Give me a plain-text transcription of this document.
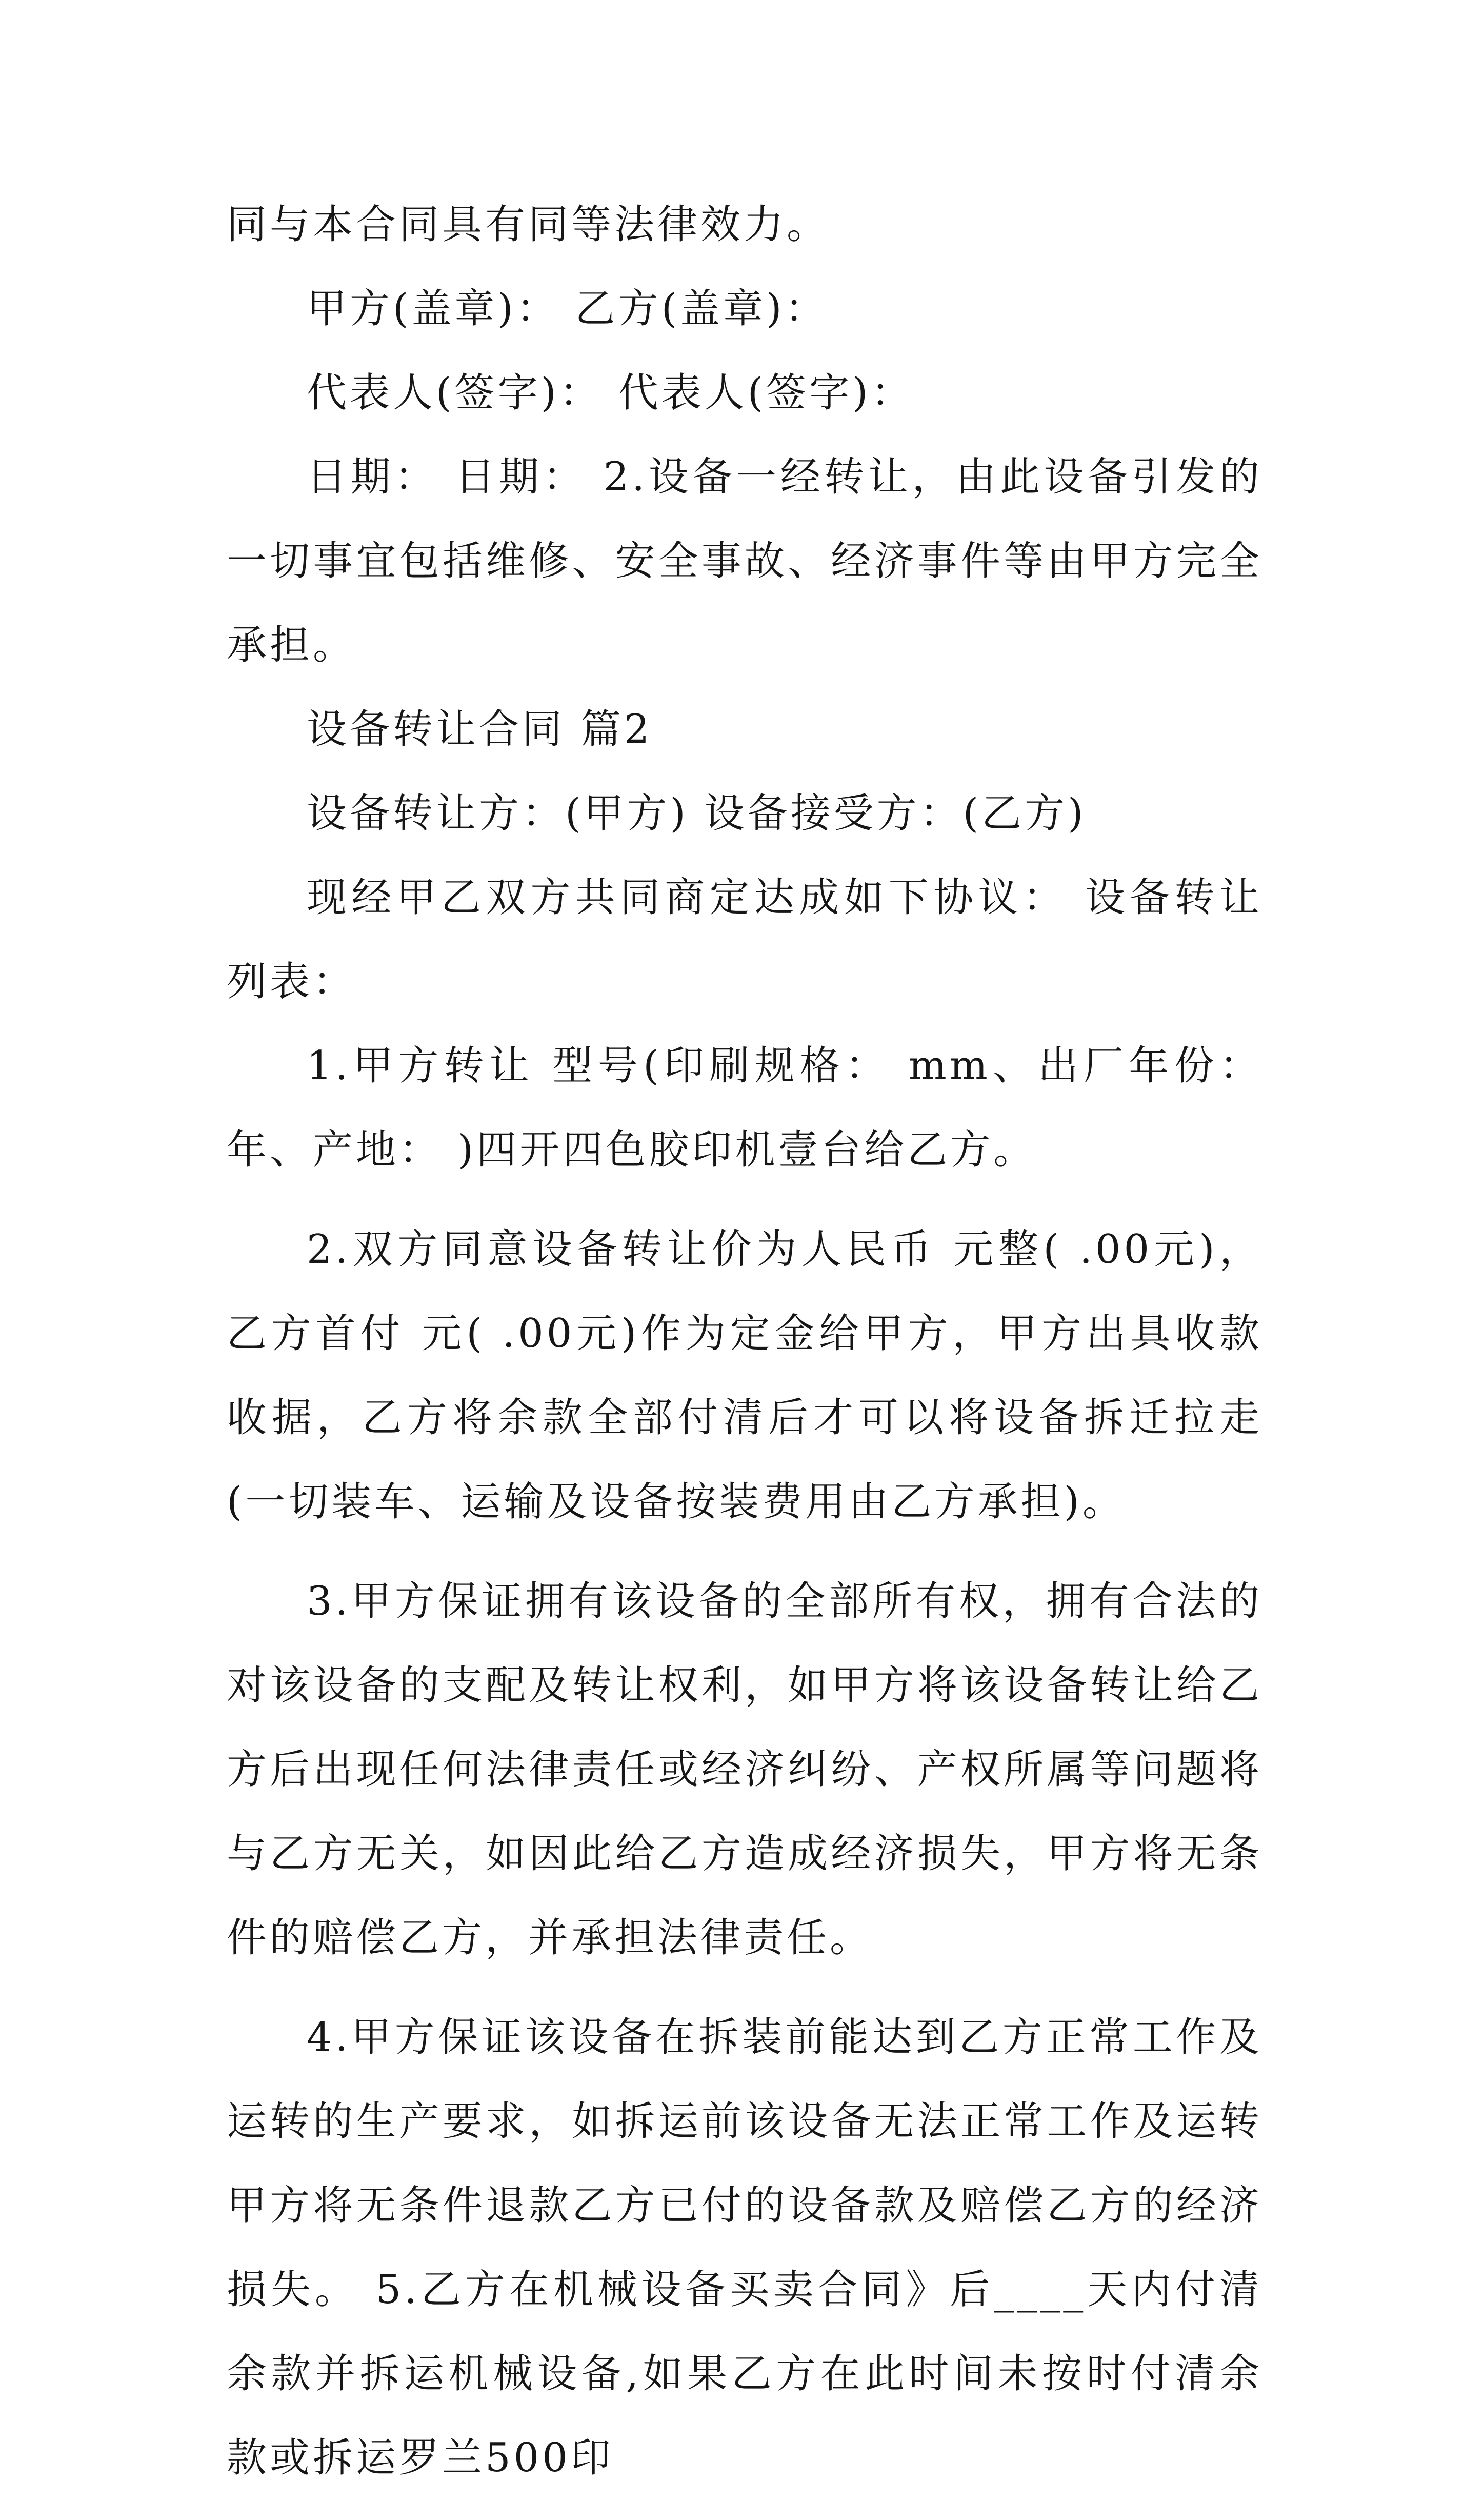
同与本合同具有同等法律效力。

甲方(盖章)： 乙方(盖章)：

代表人(签字)： 代表人(签字)：

日期： 日期： 2.设备一经转让，由此设备引发的一切事宜包括维修、安全事故、经济事件等由甲方完全承担。

设备转让合同 篇2

设备转让方：(甲方) 设备接受方：(乙方)

现经甲乙双方共同商定达成如下协议： 设备转让列表：

1.甲方转让 型号(印刷规格： mm、出厂年份： 年、产地： )四开四色胶印机壹台给乙方。

2.双方同意设备转让价为人民币 元整( .00元)，乙方首付 元( .00元)作为定金给甲方，甲方出具收款收据，乙方将余款全部付清后才可以将设备拆迁拉走(一切装车、运输及设备按装费用由乙方承担)。

3.甲方保证拥有该设备的全部所有权，拥有合法的对该设备的支配及转让权利，如甲方将该设备转让给乙方后出现任何法律责任或经济纠纷、产权所属等问题将与乙方无关，如因此给乙方造成经济损失，甲方将无条件的赔偿乙方，并承担法律责任。

4.甲方保证该设备在拆装前能达到乙方正常工作及运转的生产要求，如拆运前该设备无法正常工作及运转甲方将无条件退款乙方已付的设备款及赔偿乙方的经济损失。 5.乙方在机械设备买卖合同》后____天内付清余款并拆运机械设备,如果乙方在此时间未按时付清余款或拆运罗兰500印
